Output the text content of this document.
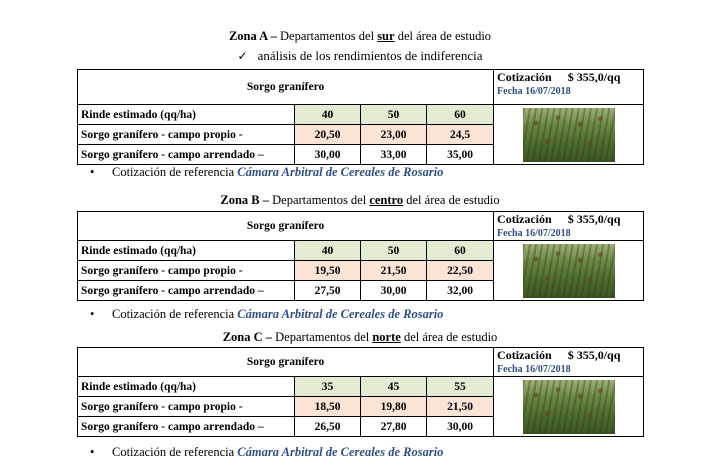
Zona A – Departamentos del sur del área de estudio
✓ análisis de los rendimientos de indiferencia
Sorgo granífero				Cotización $ 355,0/qq
Fecha 16/07/2018

Rinde estimado (qq/ha)	40	50	60	

Sorgo granífero - campo propio -	20,50	23,00	24,5	
Sorgo granífero - campo arrendado –	30,00	33,00	35,00	
• Cotización de referencia Cámara Arbitral de Cereales de Rosario
Zona B – Departamentos del centro del área de estudio
Sorgo granífero				Cotización $ 355,0/qq
Fecha 16/07/2018

Rinde estimado (qq/ha)	40	50	60	

Sorgo granífero - campo propio -	19,50	21,50	22,50	
Sorgo granífero - campo arrendado –	27,50	30,00	32,00	
• Cotización de referencia Cámara Arbitral de Cereales de Rosario
Zona C – Departamentos del norte del área de estudio
Sorgo granífero				Cotización $ 355,0/qq
Fecha 16/07/2018

Rinde estimado (qq/ha)	35	45	55	

Sorgo granífero - campo propio -	18,50	19,80	21,50	
Sorgo granífero - campo arrendado –	26,50	27,80	30,00	
• Cotización de referencia Cámara Arbitral de Cereales de Rosario
